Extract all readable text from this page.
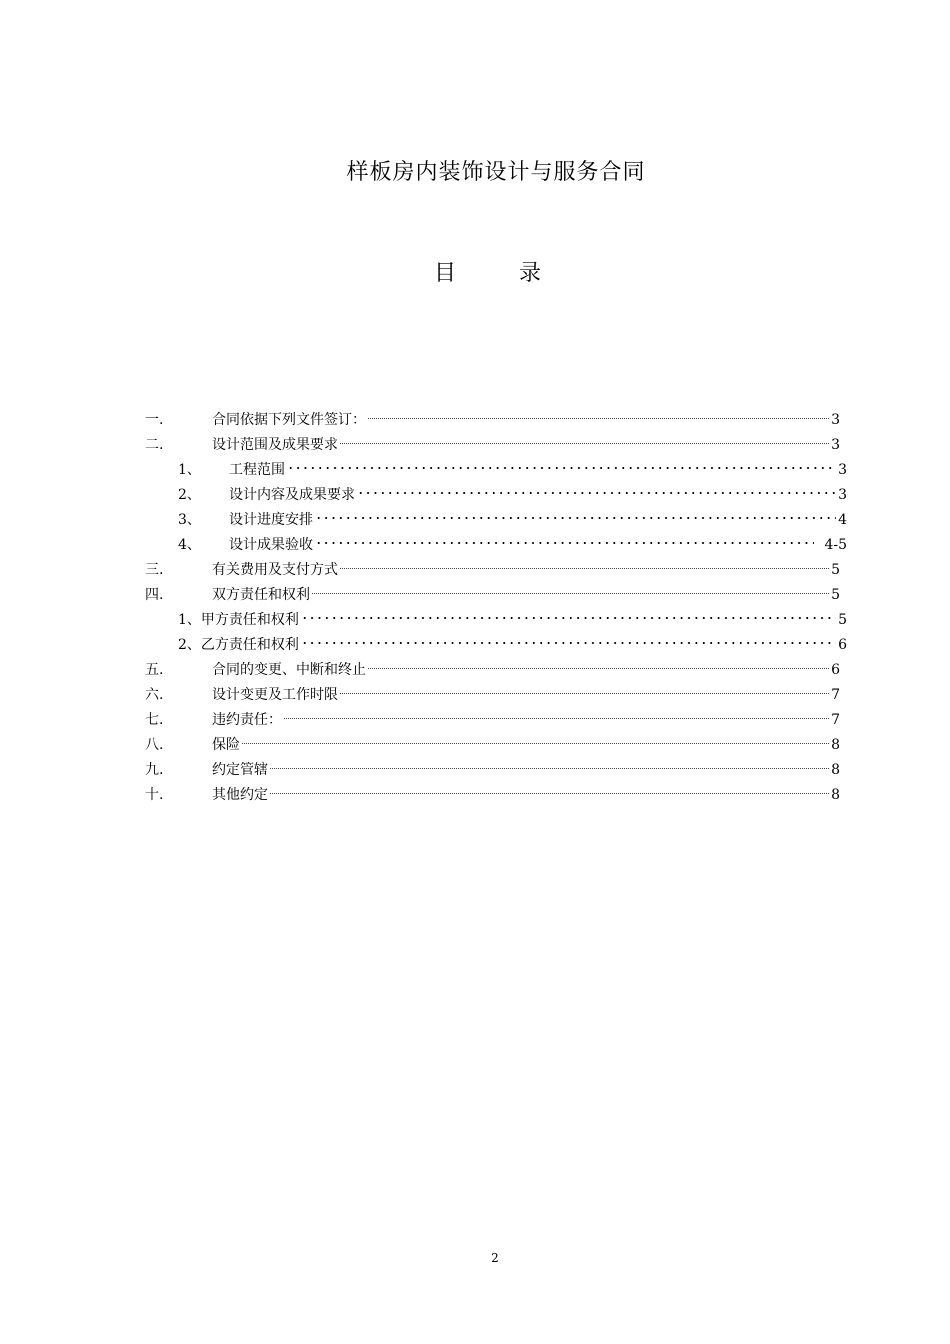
样板房内装饰设计与服务合同
目 录
一.	合同依据下列文件签订：	3
二.	设计范围及成果要求	3
1、	工程范围	3
2、	设计内容及成果要求	3
3、	设计进度安排	4
4、	设计成果验收	4-5
三.	有关费用及支付方式	5
四.	双方责任和权利	5
1、 甲方责任和权利	5
2、 乙方责任和权利	6
五.	合同的变更、中断和终止	6
六.	设计变更及工作时限	7
七.	违约责任：	7
八.	保险	8
九.	约定管辖	8
十.	其他约定	8
2
